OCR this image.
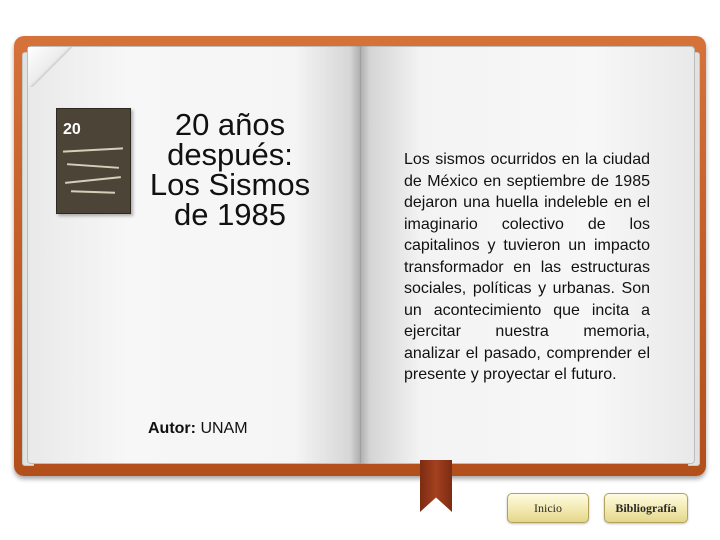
20	20 años después: Los Sismos de 1985
Autor: UNAM
Los sismos ocurridos en la ciudad de México en septiembre de 1985 dejaron una huella indeleble en el imaginario colectivo de los capitalinos y tuvieron un impacto transformador en las estructuras sociales, políticas y urbanas. Son un acontecimiento que incita a ejercitar nuestra memoria, analizar el pasado, comprender el presente y proyectar el futuro.
Inicio	Bibliografía
